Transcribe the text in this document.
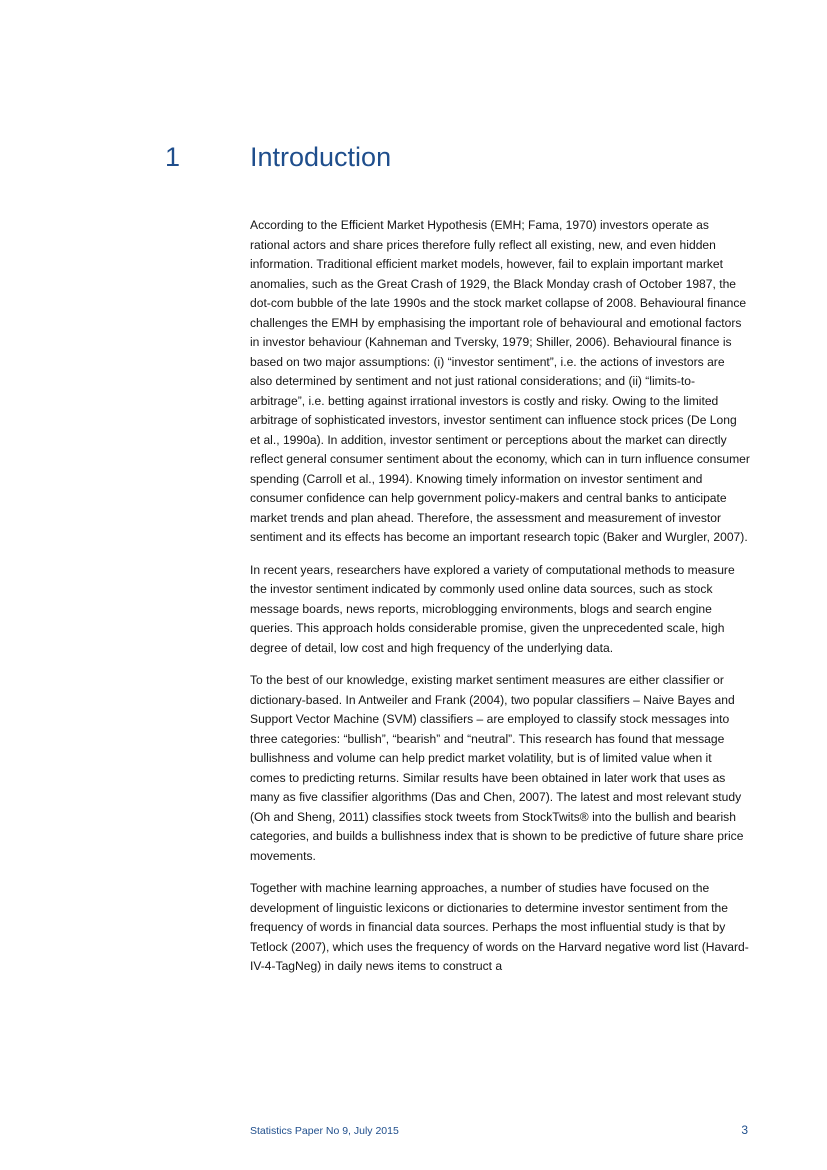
1	Introduction

According to the Efficient Market Hypothesis (EMH; Fama, 1970) investors operate as rational actors and share prices therefore fully reflect all existing, new, and even hidden information. Traditional efficient market models, however, fail to explain important market anomalies, such as the Great Crash of 1929, the Black Monday crash of October 1987, the dot-com bubble of the late 1990s and the stock market collapse of 2008. Behavioural finance challenges the EMH by emphasising the important role of behavioural and emotional factors in investor behaviour (Kahneman and Tversky, 1979; Shiller, 2006). Behavioural finance is based on two major assumptions: (i) “investor sentiment”, i.e. the actions of investors are also determined by sentiment and not just rational considerations; and (ii) “limits-to-arbitrage”, i.e. betting against irrational investors is costly and risky. Owing to the limited arbitrage of sophisticated investors, investor sentiment can influence stock prices (De Long et al., 1990a). In addition, investor sentiment or perceptions about the market can directly reflect general consumer sentiment about the economy, which can in turn influence consumer spending (Carroll et al., 1994). Knowing timely information on investor sentiment and consumer confidence can help government policy-makers and central banks to anticipate market trends and plan ahead. Therefore, the assessment and measurement of investor sentiment and its effects has become an important research topic (Baker and Wurgler, 2007).

In recent years, researchers have explored a variety of computational methods to measure the investor sentiment indicated by commonly used online data sources, such as stock message boards, news reports, microblogging environments, blogs and search engine queries. This approach holds considerable promise, given the unprecedented scale, high degree of detail, low cost and high frequency of the underlying data.

To the best of our knowledge, existing market sentiment measures are either classifier or dictionary-based. In Antweiler and Frank (2004), two popular classifiers – Naive Bayes and Support Vector Machine (SVM) classifiers – are employed to classify stock messages into three categories: “bullish”, “bearish” and “neutral”. This research has found that message bullishness and volume can help predict market volatility, but is of limited value when it comes to predicting returns. Similar results have been obtained in later work that uses as many as five classifier algorithms (Das and Chen, 2007). The latest and most relevant study (Oh and Sheng, 2011) classifies stock tweets from StockTwits® into the bullish and bearish categories, and builds a bullishness index that is shown to be predictive of future share price movements.

Together with machine learning approaches, a number of studies have focused on the development of linguistic lexicons or dictionaries to determine investor sentiment from the frequency of words in financial data sources. Perhaps the most influential study is that by Tetlock (2007), which uses the frequency of words on the Harvard negative word list (Havard-IV-4-TagNeg) in daily news items to construct a

Statistics Paper No 9, July 2015	3
